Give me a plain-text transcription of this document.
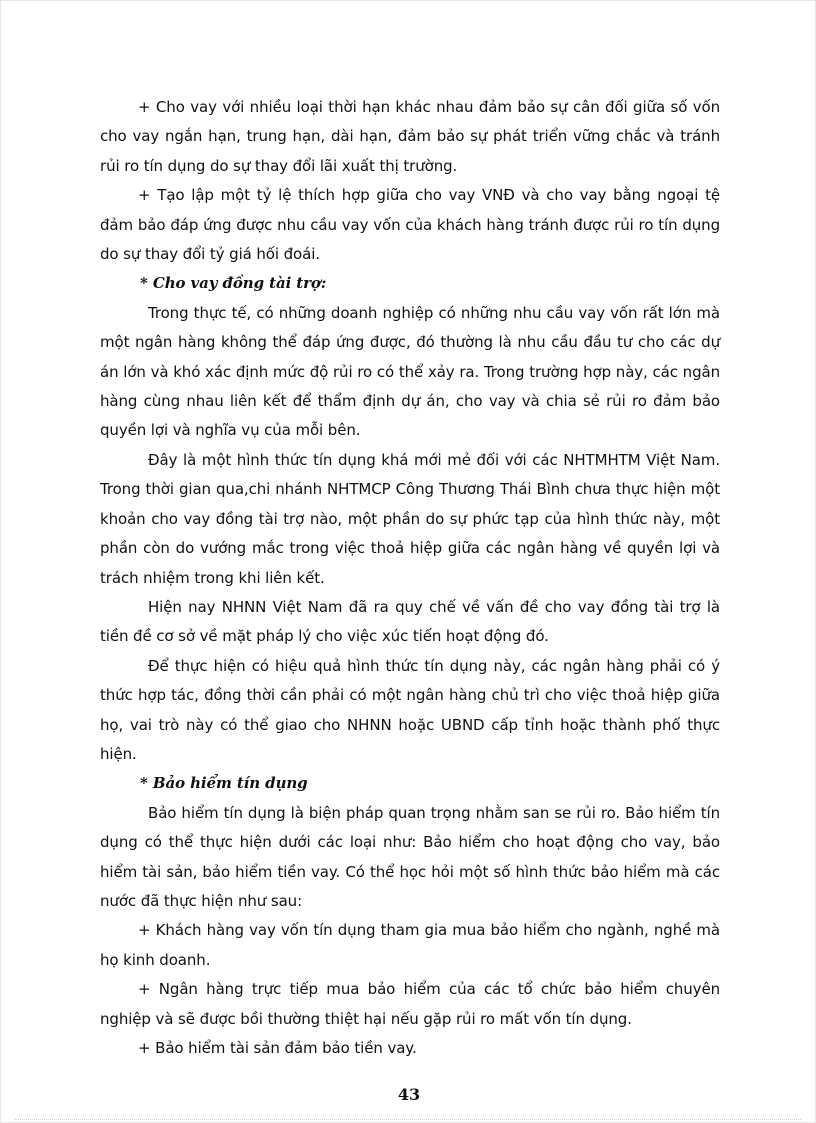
+ Cho vay với nhiều loại thời hạn khác nhau đảm bảo sự cân đối giữa số vốn cho vay ngắn hạn, trung hạn, dài hạn, đảm bảo sự phát triển vững chắc và tránh rủi ro tín dụng do sự thay đổi lãi xuất thị trường.

+ Tạo lập một tỷ lệ thích hợp giữa cho vay VNĐ và cho vay bằng ngoại tệ đảm bảo đáp ứng được nhu cầu vay vốn của khách hàng tránh được rủi ro tín dụng do sự thay đổi tỷ giá hối đoái.

* Cho vay đồng tài trợ:

Trong thực tế, có những doanh nghiệp có những nhu cầu vay vốn rất lớn mà một ngân hàng không thể đáp ứng được, đó thường là nhu cầu đầu tư cho các dự án lớn và khó xác định mức độ rủi ro có thể xảy ra. Trong trường hợp này, các ngân hàng cùng nhau liên kết để thẩm định dự án, cho vay và chia sẻ rủi ro đảm bảo quyền lợi và nghĩa vụ của mỗi bên.

Đây là một hình thức tín dụng khá mới mẻ đối với các NHTMHTM Việt Nam. Trong thời gian qua,chi nhánh NHTMCP Công Thương Thái Bình chưa thực hiện một khoản cho vay đồng tài trợ nào, một phần do sự phức tạp của hình thức này, một phần còn do vướng mắc trong việc thoả hiệp giữa các ngân hàng về quyền lợi và trách nhiệm trong khi liên kết.

Hiện nay NHNN Việt Nam đã ra quy chế về vấn đề cho vay đồng tài trợ là tiền đề cơ sở về mặt pháp lý cho việc xúc tiến hoạt động đó.

Để thực hiện có hiệu quả hình thức tín dụng này, các ngân hàng phải có ý thức hợp tác, đồng thời cần phải có một ngân hàng chủ trì cho việc thoả hiệp giữa họ, vai trò này có thể giao cho NHNN hoặc UBND cấp tỉnh hoặc thành phố thực hiện.

* Bảo hiểm tín dụng

Bảo hiểm tín dụng là biện pháp quan trọng nhằm san se rủi ro. Bảo hiểm tín dụng có thể thực hiện dưới các loại như: Bảo hiểm cho hoạt động cho vay, bảo hiểm tài sản, bảo hiểm tiền vay. Có thể học hỏi một số hình thức bảo hiểm mà các nước đã thực hiện như sau:

+ Khách hàng vay vốn tín dụng tham gia mua bảo hiểm cho ngành, nghề mà họ kinh doanh.

+ Ngân hàng trực tiếp mua bảo hiểm của các tổ chức bảo hiểm chuyên nghiệp và sẽ được bồi thường thiệt hại nếu gặp rủi ro mất vốn tín dụng.

+ Bảo hiểm tài sản đảm bảo tiền vay.

43
